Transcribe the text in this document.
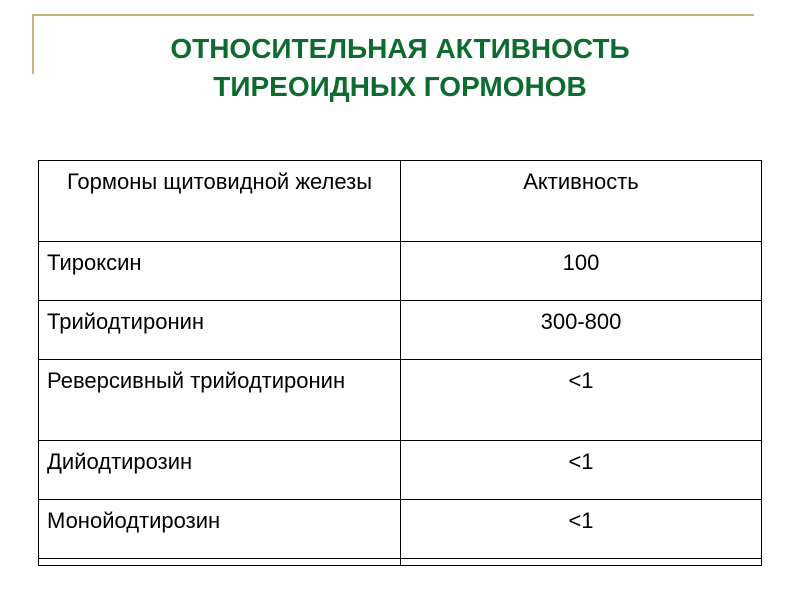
ОТНОСИТЕЛЬНАЯ АКТИВНОСТЬ
ТИРЕОИДНЫХ ГОРМОНОВ
Гормоны щитовидной железы	Активность
Тироксин	100
Трийодтиронин	300-800
Реверсивный трийодтиронин	<1
Дийодтирозин	<1
Монойодтирозин	<1
